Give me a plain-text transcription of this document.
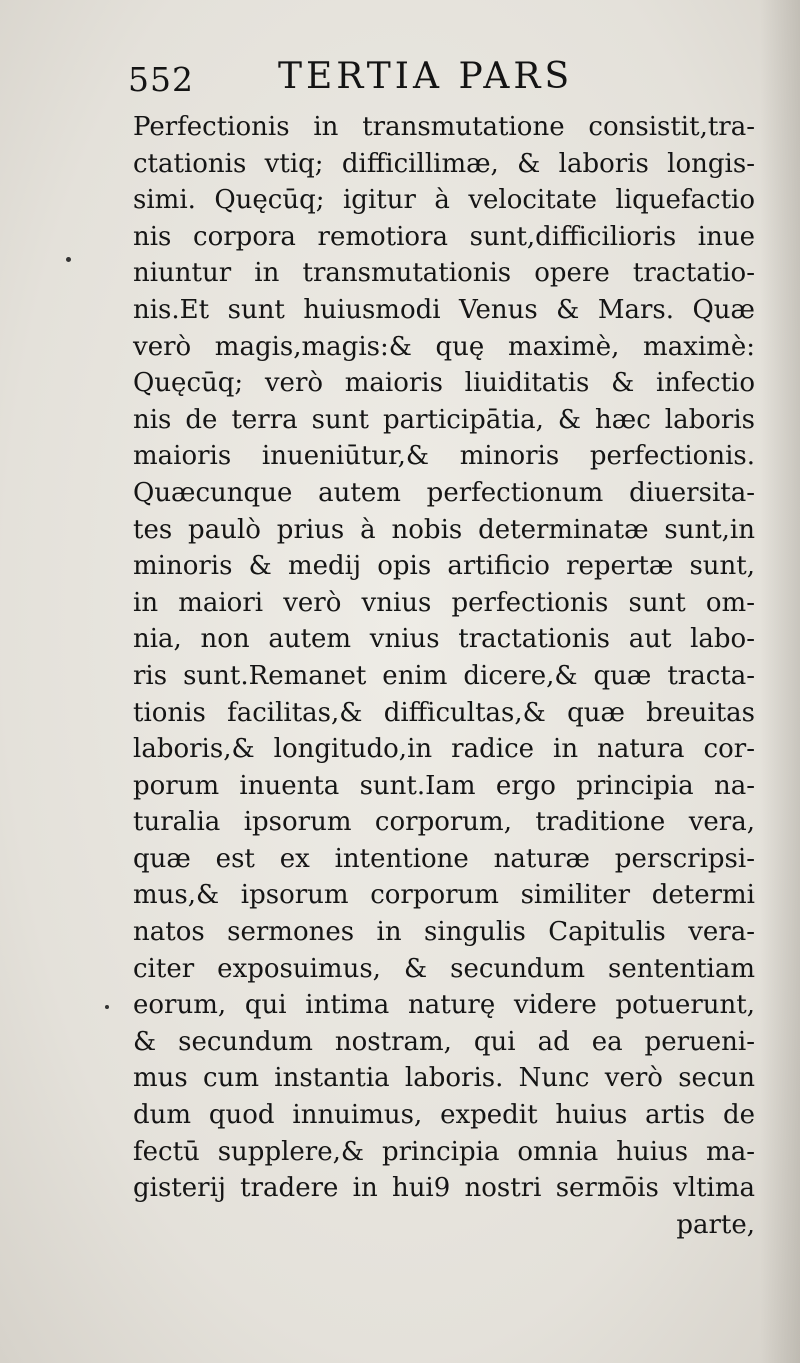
552 TERTIA PARS
Perfectionis in transmutatione consistit,tra-
ctationis vtiq; difficillimæ, & laboris longis-
simi. Quęcūq; igitur à velocitate liquefactio
nis corpora remotiora sunt,difficilioris inue
niuntur in transmutationis opere tractatio-
nis.Et sunt huiusmodi Venus & Mars. Quæ
verò magis,magis:& quę maximè, maximè:
Quęcūq; verò maioris liuiditatis & infectio
nis de terra sunt participātia, & hæc laboris
maioris inueniūtur,& minoris perfectionis.
Quæcunque autem perfectionum diuersita-
tes paulò prius à nobis determinatæ sunt,in
minoris & medij opis artificio repertæ sunt,
in maiori verò vnius perfectionis sunt om-
nia, non autem vnius tractationis aut labo-
ris sunt.Remanet enim dicere,& quæ tracta-
tionis facilitas,& difficultas,& quæ breuitas
laboris,& longitudo,in radice in natura cor-
porum inuenta sunt.Iam ergo principia na-
turalia ipsorum corporum, traditione vera,
quæ est ex intentione naturæ perscripsi-
mus,& ipsorum corporum similiter determi
natos sermones in singulis Capitulis vera-
citer exposuimus, & secundum sententiam
eorum, qui intima naturę videre potuerunt,
& secundum nostram, qui ad ea perueni-
mus cum instantia laboris. Nunc verò secun
dum quod innuimus, expedit huius artis de
fectū supplere,& principia omnia huius ma-
gisterij tradere in hui9 nostri sermōis vltima
parte,
